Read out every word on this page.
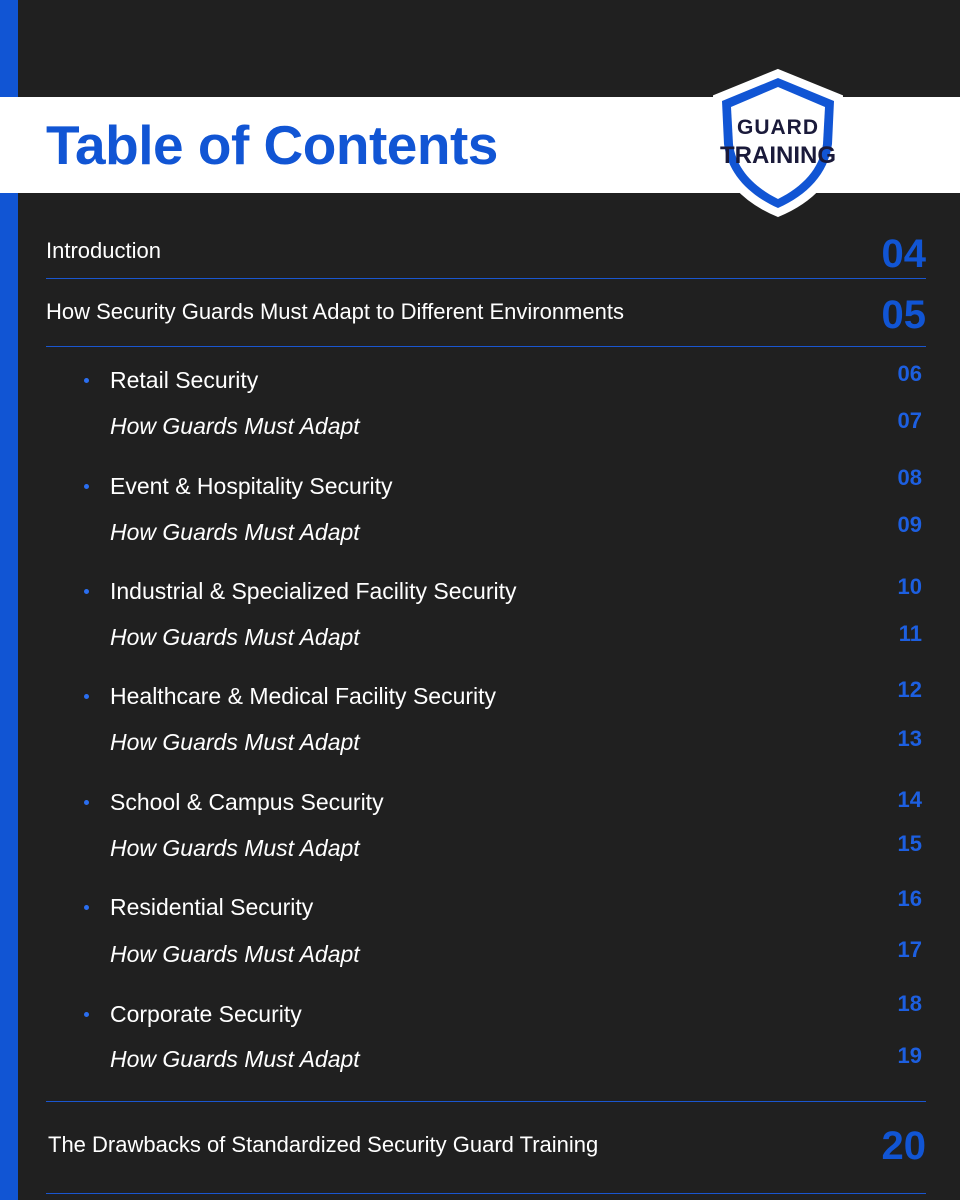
Table of Contents	GUARD
TRAINING
Introduction	04
How Security Guards Must Adapt to Different Environments	05
Retail Security	06
How Guards Must Adapt	07
Event & Hospitality Security	08
How Guards Must Adapt	09
Industrial & Specialized Facility Security	10
How Guards Must Adapt	11
Healthcare & Medical Facility Security	12
How Guards Must Adapt	13
School & Campus Security	14
How Guards Must Adapt	15
Residential Security	16
How Guards Must Adapt	17
Corporate Security	18
How Guards Must Adapt	19
The Drawbacks of Standardized Security Guard Training	20
